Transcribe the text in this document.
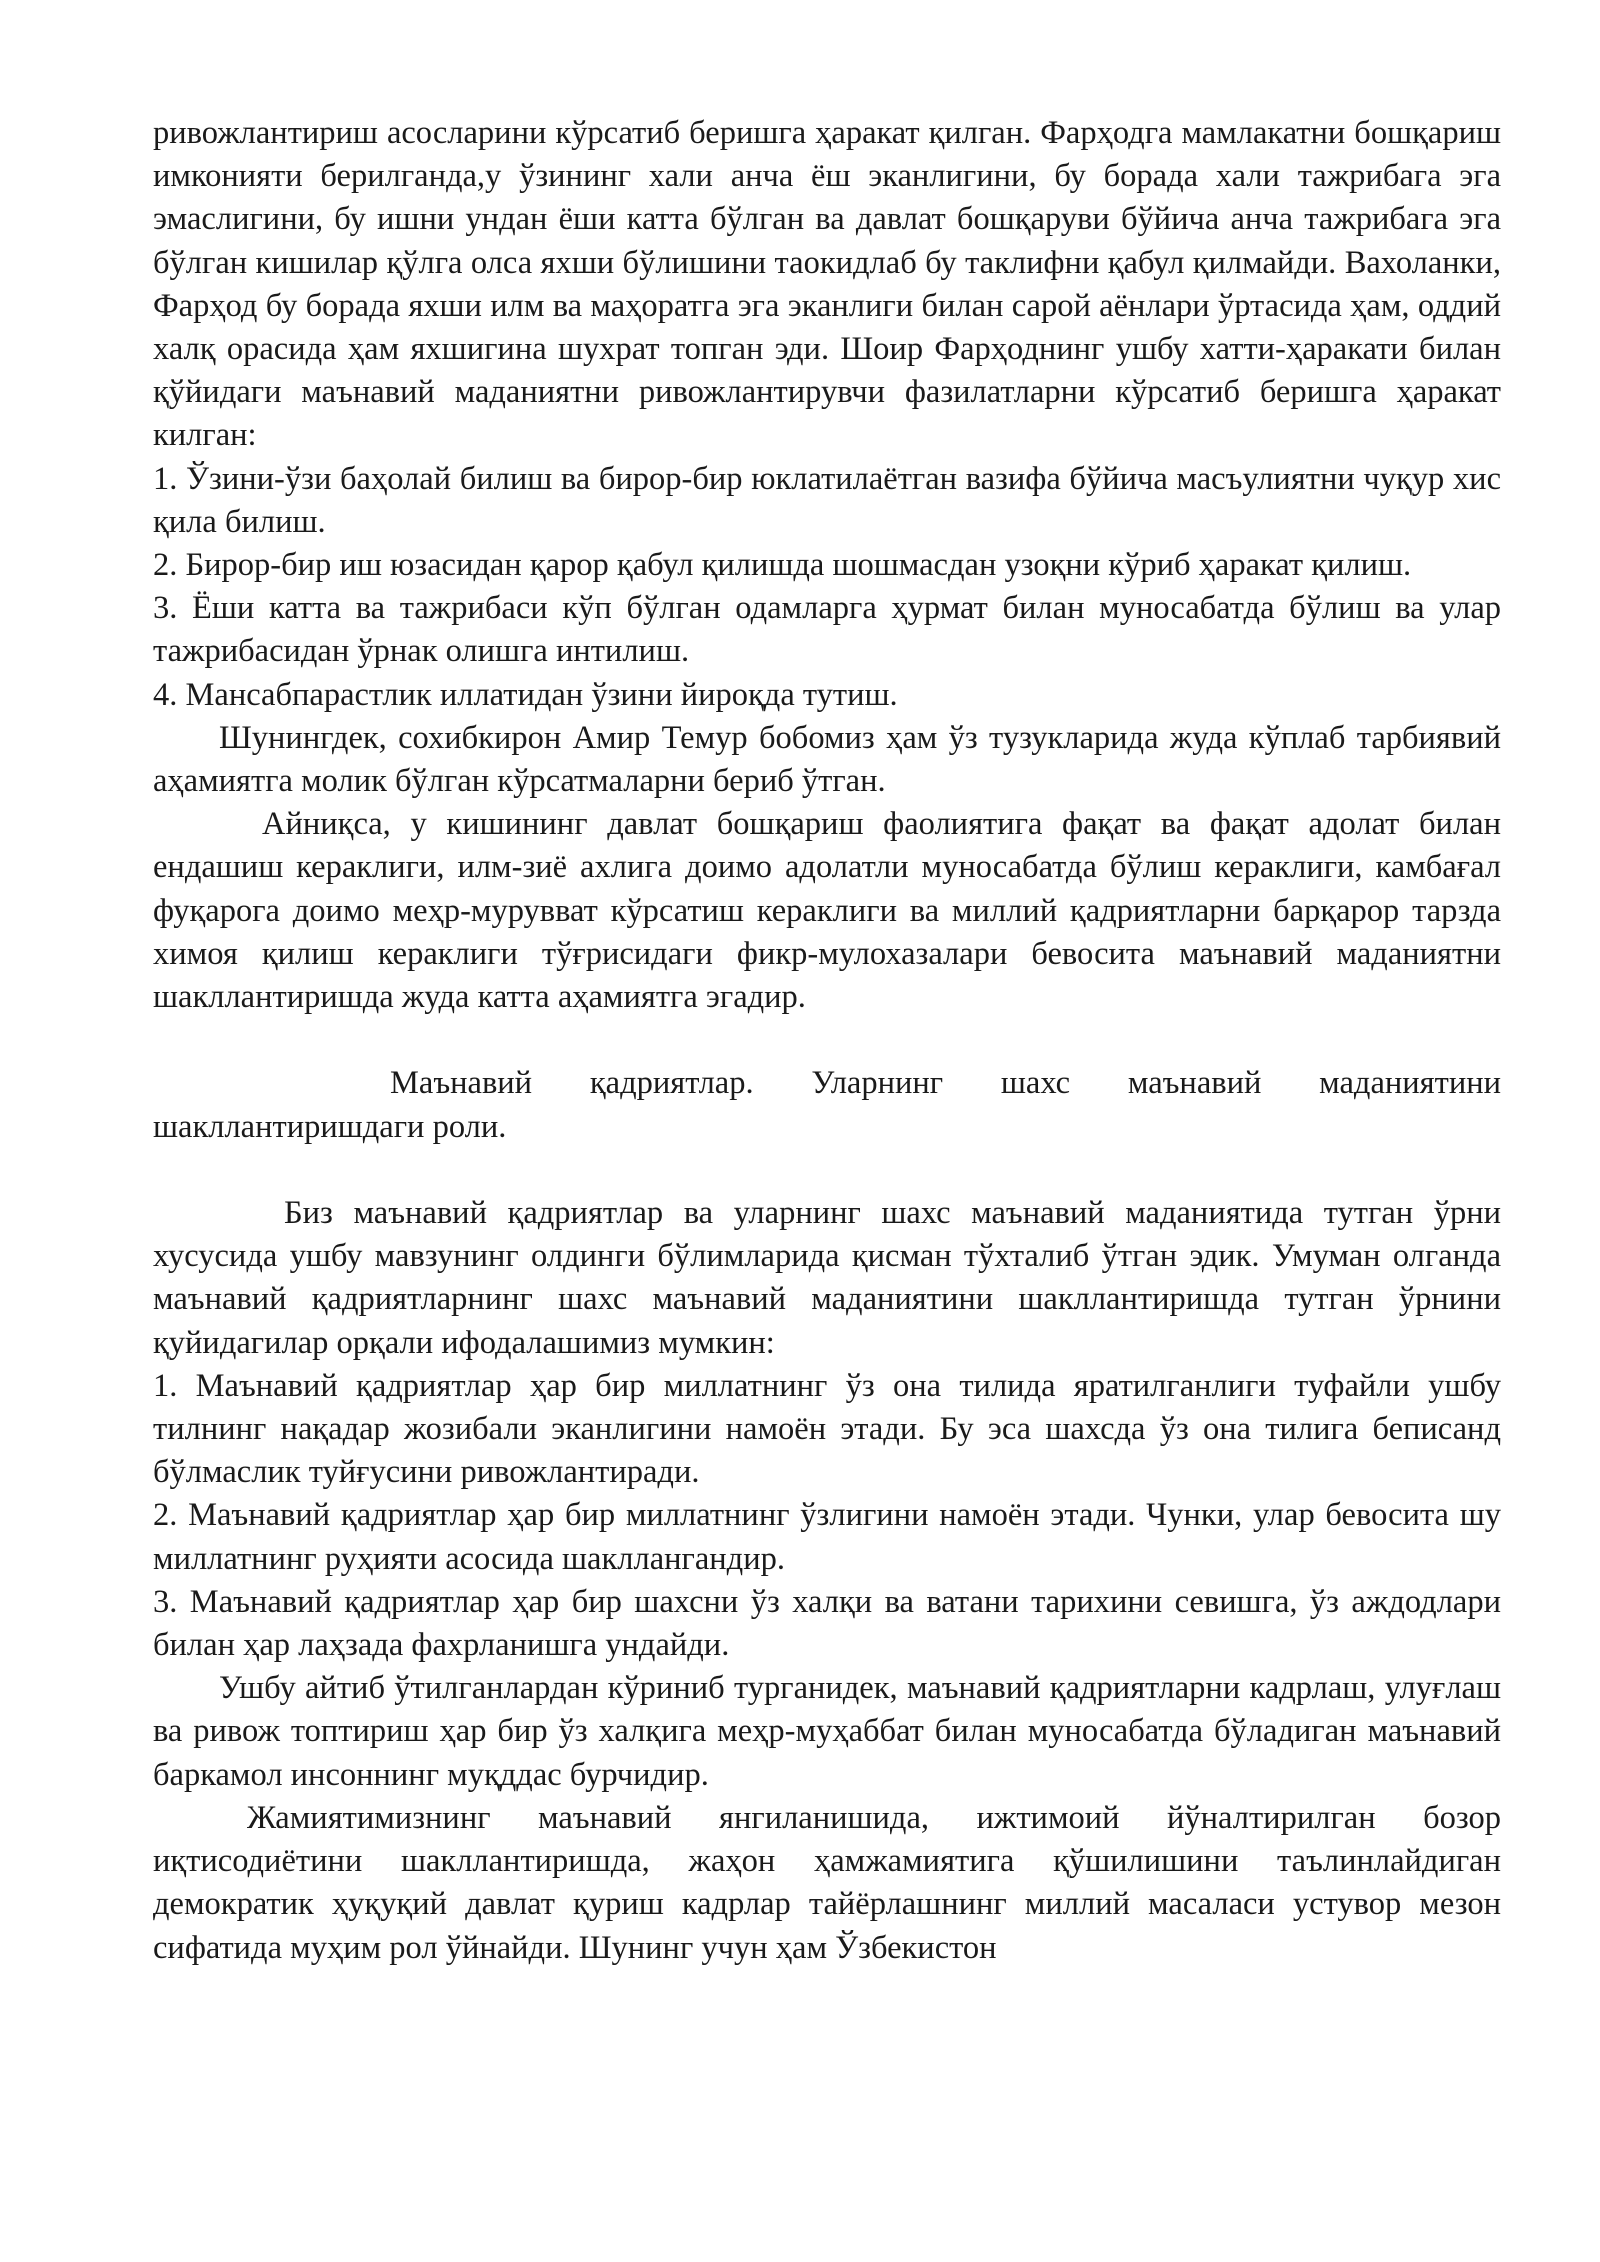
ривожлантириш асосларини кўрсатиб беришга ҳаракат қилган. Фарҳодга мамлакатни бошқариш имконияти берилганда,у ўзининг хали анча ёш эканлигини, бу борада хали тажрибага эга эмаслигини, бу ишни ундан ёши катта бўлган ва давлат бошқаруви бўйича анча тажрибага эга бўлган кишилар қўлга олса яхши бўлишини таокидлаб бу таклифни қабул қилмайди. Вахоланки, Фарҳод бу борада яхши илм ва маҳоратга эга эканлиги билан сарой аёнлари ўртасида ҳам, оддий халқ орасида ҳам яхшигина шухрат топган эди. Шоир Фарҳоднинг ушбу хатти-ҳаракати билан қўйидаги маънавий маданиятни ривожлантирувчи фазилатларни кўрсатиб беришга ҳаракат килган:

1. Ўзини-ўзи баҳолай билиш ва бирор-бир юклатилаётган вазифа бўйича масъулиятни чуқур хис қила билиш.

2. Бирор-бир иш юзасидан қарор қабул қилишда шошмасдан узоқни кўриб ҳаракат қилиш.

3. Ёши катта ва тажрибаси кўп бўлган одамларга ҳурмат билан муносабатда бўлиш ва улар тажрибасидан ўрнак олишга интилиш.

4. Мансабпарастлик иллатидан ўзини йироқда тутиш.

Шунингдек, сохибкирон Амир Темур бобомиз ҳам ўз тузукларида жуда кўплаб тарбиявий аҳамиятга молик бўлган кўрсатмаларни бериб ўтган.

Айниқса, у кишининг давлат бошқариш фаолиятига фақат ва фақат адолат билан ендашиш кераклиги, илм-зиё ахлига доимо адолатли муносабатда бўлиш кераклиги, камбағал фуқарога доимо меҳр-мурувват кўрсатиш кераклиги ва миллий қадриятларни барқарор тарзда химоя қилиш кераклиги тўғрисидаги фикр-мулохазалари бевосита маънавий маданиятни шакллантиришда жуда катта аҳамиятга эгадир.

Маънавий қадриятлар. Уларнинг шахс маънавий маданиятини шакллантиришдаги роли.

Биз маънавий қадриятлар ва уларнинг шахс маънавий маданиятида тутган ўрни хусусида ушбу мавзунинг олдинги бўлимларида қисман тўхталиб ўтган эдик. Умуман олганда маънавий қадриятларнинг шахс маънавий маданиятини шакллантиришда тутган ўрнини қуйидагилар орқали ифодалашимиз мумкин:

1. Маънавий қадриятлар ҳар бир миллатнинг ўз она тилида яратилганлиги туфайли ушбу тилнинг нақадар жозибали эканлигини намоён этади. Бу эса шахсда ўз она тилига беписанд бўлмаслик туйғусини ривожлантиради.

2. Маънавий қадриятлар ҳар бир миллатнинг ўзлигини намоён этади. Чунки, улар бевосита шу миллатнинг руҳияти асосида шакллангандир.

3. Маънавий қадриятлар ҳар бир шахсни ўз халқи ва ватани тарихини севишга, ўз аждодлари билан ҳар лаҳзада фахрланишга ундайди.

Ушбу айтиб ўтилганлардан кўриниб турганидек, маънавий қадриятларни кадрлаш, улуғлаш ва ривож топтириш ҳар бир ўз халқига меҳр-муҳаббат билан муносабатда бўладиган маънавий баркамол инсоннинг муқддас бурчидир.

Жамиятимизнинг маънавий янгиланишида, ижтимоий йўналтирилган бозор иқтисодиётини шакллантиришда, жаҳон ҳамжамиятига қўшилишини таълинлайдиган демократик ҳуқуқий давлат қуриш кадрлар тайёрлашнинг миллий масаласи устувор мезон сифатида муҳим рол ўйнайди. Шунинг учун ҳам Ўзбекистон
